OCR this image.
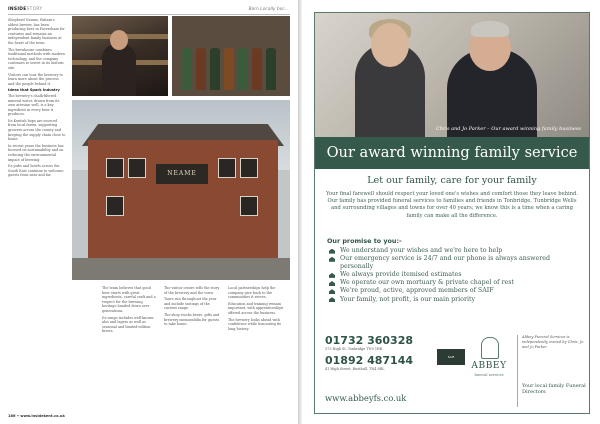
INSIDESTORY	Born Locally bor...

Shepherd Neame, Britain's oldest brewer, has been producing beer in Faversham for centuries and remains an independent family business at the heart of the town.

The brewhouse combines traditional methods with modern technology, and the company continues to invest in its historic site.

Visitors can tour the brewery to learn more about the process and the people behind it.

Ideas that Spark Industry

The brewery's chalk-filtered mineral water, drawn from its own artesian well, is a key ingredient in every beer it produces.

Its Kentish hops are sourced from local farms, supporting growers across the county and keeping the supply chain close to home.

In recent years the business has focused on sustainability and on reducing the environmental impact of brewing.

Its pubs and hotels across the South East continue to welcome guests from near and far.	NEAME

The team believes that good beer starts with great ingredients, careful craft and a respect for the brewing heritage handed down over generations.

Its range includes well-known ales and lagers as well as seasonal and limited-edition brews.

The visitor centre tells the story of the brewery and the town.

Tours run throughout the year and include tastings of the current range.

The shop stocks beers, gifts and brewery memorabilia for guests to take home.

Local partnerships help the company give back to the communities it serves.

Education and training remain important, with apprenticeships offered across the business.

The brewery looks ahead with confidence while honouring its long history.

186 • www.insidekent.co.uk
Chris and Jo Parker – Our award winning family business
Our award winning family service
Let our family, care for your family
Your final farewell should respect your loved one's wishes and comfort those they leave behind. Our family has provided funeral services to families and friends in Tonbridge, Tunbridge Wells and surrounding villages and towns for over 40 years; we know this is a time when a caring family can make all the difference.
Our promise to you:-
We understand your wishes and we're here to help
Our emergency service is 24/7 and our phone is always answered personally
We always provide itemised estimates
We operate our own mortuary & private chapel of rest
We're proud, active, approved members of SAIF
Your family, not profit, is our main priority

01732 360328

373 High St, Tonbridge TN9 1RR

01892 487144

41 High Street, Rusthall, TN4 8RL

www.abbeyfs.co.uk
SAIF
ABBEY
funeral services
Abbey Funeral Services is independently owned by Chris, Jo and Jo Parker
Your local family Funeral Directors
